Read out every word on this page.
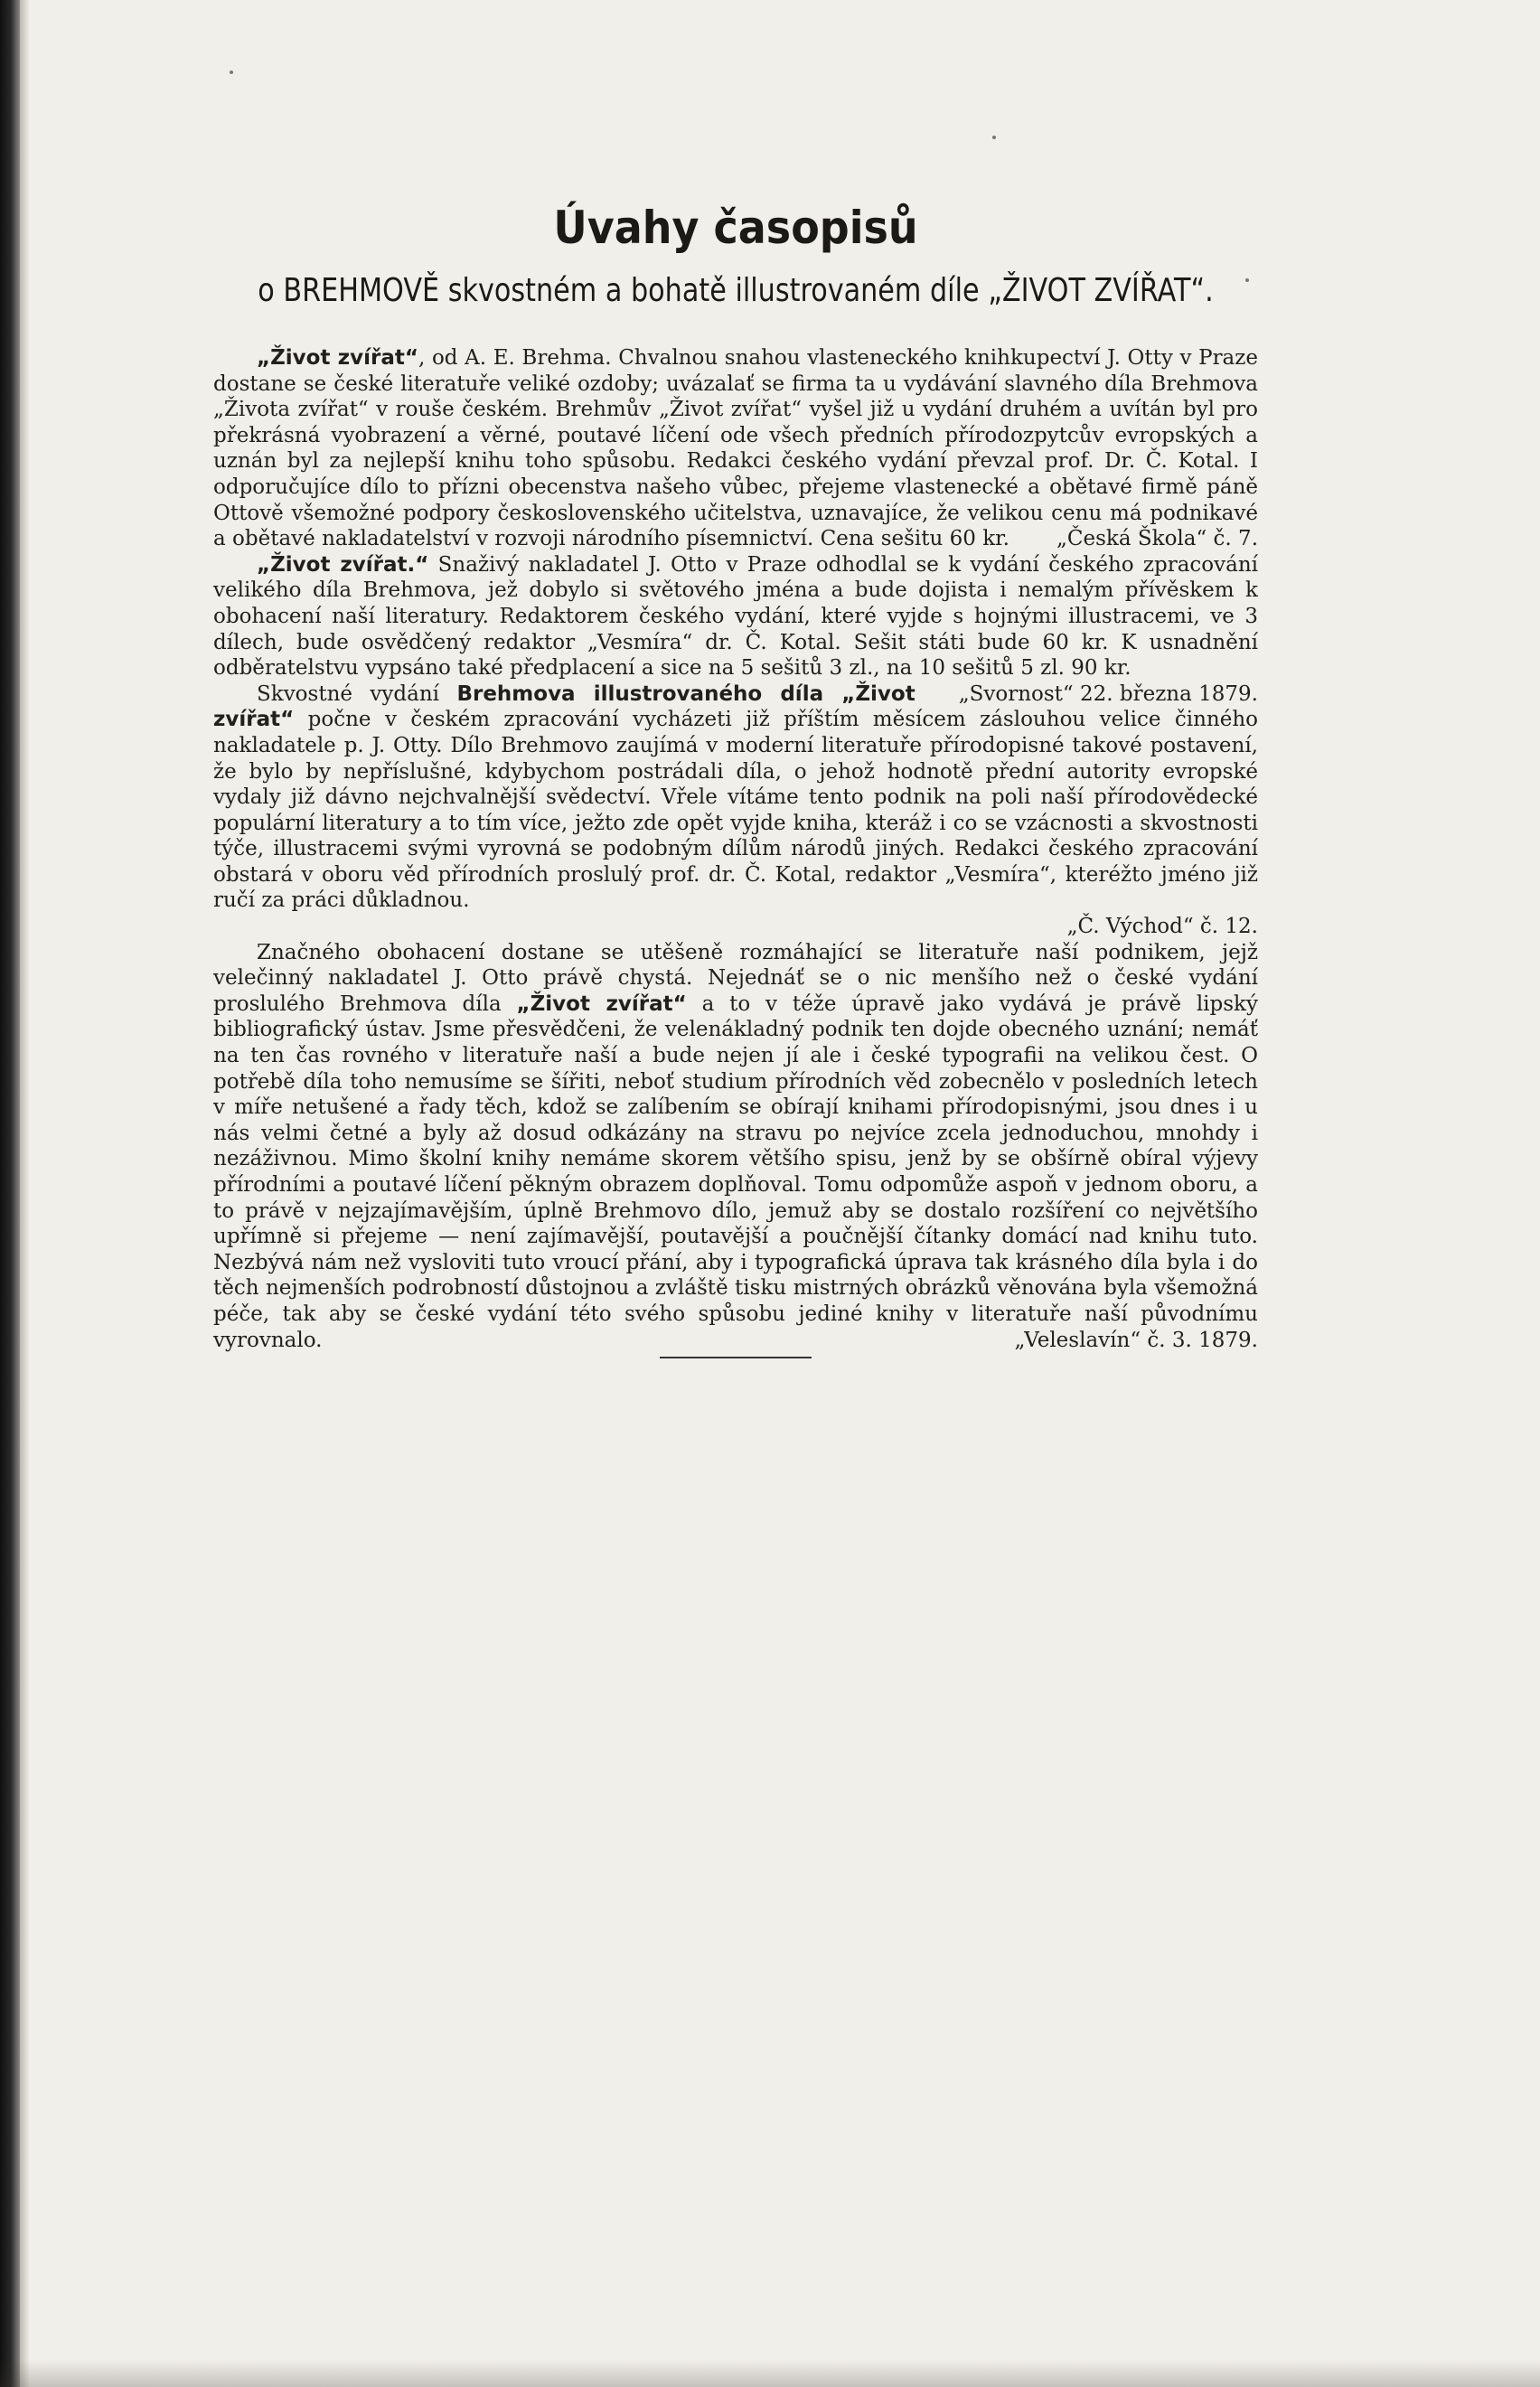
Úvahy časopisů
o BREHMOVĚ skvostném a bohatě illustrovaném díle „ŽIVOT ZVÍŘAT“.

„Život zvířat“, od A. E. Brehma. Chvalnou snahou vlasteneckého knihkupectví J. Otty v Praze dostane se české literatuře veliké ozdoby; uvázalať se firma ta u vydávání slavného díla Brehmova „Života zvířat“ v rouše českém. Brehmův „Život zvířat“ vyšel již u vydání druhém a uvítán byl pro překrásná vyobrazení a věrné, poutavé líčení ode všech předních přírodozpytcův evropských a uznán byl za nejlepší knihu toho spůsobu. Redakci českého vydání převzal prof. Dr. Č. Kotal. I odporučujíce dílo to přízni obecenstva našeho vůbec, přejeme vlastenecké a obětavé firmě páně Ottově všemožné podpory československého učitelstva, uznavajíce, že velikou cenu má podnikavé a obětavé nakladatelství v rozvoji národního písemnictví. Cena sešitu 60 kr.	„Česká Škola“ č. 7.

„Život zvířat.“ Snaživý nakladatel J. Otto v Praze odhodlal se k vydání českého zpracování velikého díla Brehmova, jež dobylo si světového jména a bude dojista i nemalým přívěskem k obohacení naší literatury. Redaktorem českého vydání, které vyjde s hojnými illustracemi, ve 3 dílech, bude osvědčený redaktor „Vesmíra“ dr. Č. Kotal. Sešit státi bude 60 kr. K usnadnění odběratelstvu vypsáno také předplacení a sice na 5 sešitů 3 zl., na 10 sešitů 5 zl. 90 kr.
„Svornost“ 22. března 1879.

Skvostné vydání Brehmova illustrovaného díla „Život zvířat“ počne v českém zpracování vycházeti již příštím měsícem záslouhou velice činného nakladatele p. J. Otty. Dílo Brehmovo zaujímá v moderní literatuře přírodopisné takové postavení, že bylo by nepříslušné, kdybychom postrádali díla, o jehož hodnotě přední autority evropské vydaly již dávno nejchvalnější svědectví. Vřele vítáme tento podnik na poli naší přírodovědecké populární literatury a to tím více, ježto zde opět vyjde kniha, kteráž i co se vzácnosti a skvostnosti týče, illustracemi svými vyrovná se podobným dílům národů jiných. Redakci českého zpracování obstará v oboru věd přírodních proslulý prof. dr. Č. Kotal, redaktor „Vesmíra“, kteréžto jméno již ručí za práci důkladnou.

„Č. Východ“ č. 12.

Značného obohacení dostane se utěšeně rozmáhající se literatuře naší podnikem, jejž velečinný nakladatel J. Otto právě chystá. Nejednáť se o nic menšího než o české vydání proslulého Brehmova díla „Život zvířat“ a to v téže úpravě jako vydává je právě lipský bibliografický ústav. Jsme přesvědčeni, že velenákladný podnik ten dojde obecného uznání; nemáť na ten čas rovného v literatuře naší a bude nejen jí ale i české typografii na velikou čest. O potřebě díla toho nemusíme se šířiti, neboť studium přírodních věd zobecnělo v posledních letech v míře netušené a řady těch, kdož se zalíbením se obírají knihami přírodopisnými, jsou dnes i u nás velmi četné a byly až dosud odkázány na stravu po nejvíce zcela jednoduchou, mnohdy i nezáživnou. Mimo školní knihy nemáme skorem většího spisu, jenž by se obšírně obíral výjevy přírodními a poutavé líčení pěkným obrazem doplňoval. Tomu odpomůže aspoň v jednom oboru, a to právě v nejzajímavějším, úplně Brehmovo dílo, jemuž aby se dostalo rozšíření co největšího upřímně si přejeme — není zajímavější, poutavější a poučnější čítanky domácí nad knihu tuto. Nezbývá nám než vysloviti tuto vroucí přání, aby i typografická úprava tak krásného díla byla i do těch nejmenších podrobností důstojnou a zvláště tisku mistrných obrázků věnována byla všemožná péče, tak aby se české vydání této svého spůsobu jediné knihy v literatuře naší původnímu vyrovnalo.	„Veleslavín“ č. 3. 1879.
